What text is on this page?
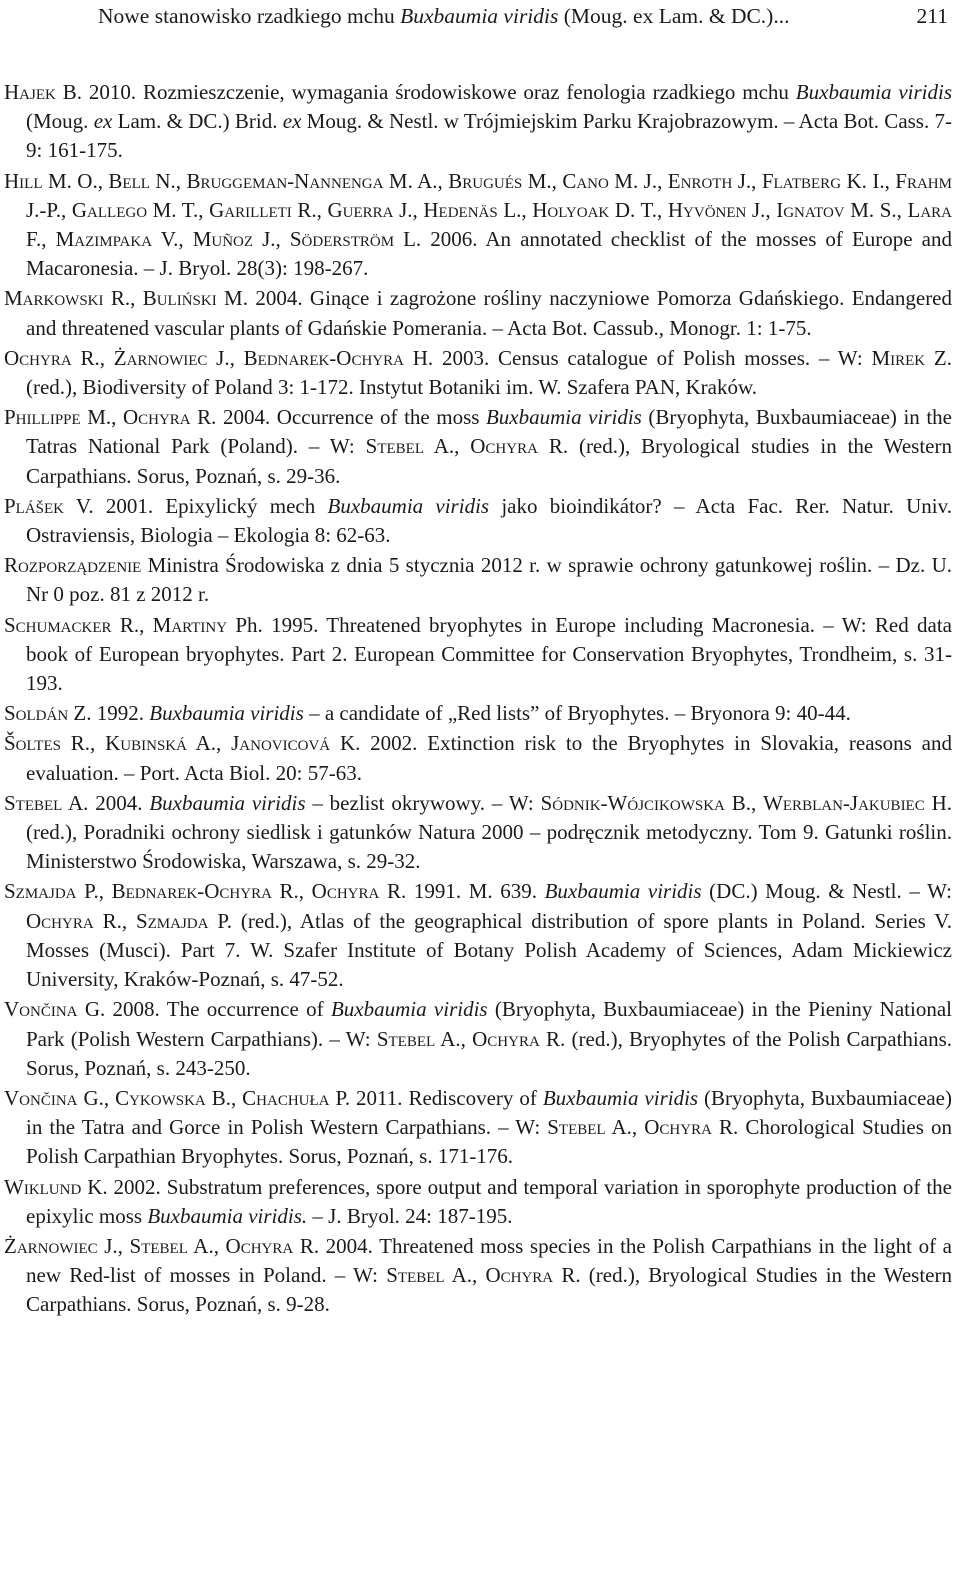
Nowe stanowisko rzadkiego mchu Buxbaumia viridis (Moug. ex Lam. & DC.)...	211

Hajek B. 2010. Rozmieszczenie, wymagania środowiskowe oraz fenologia rzadkiego mchu Buxbaumia viridis (Moug. ex Lam. & DC.) Brid. ex Moug. & Nestl. w Trójmiejskim Parku Krajobrazowym. – Acta Bot. Cass. 7-9: 161-175.

Hill M. O., Bell N., Bruggeman-Nannenga M. A., Brugués M., Cano M. J., Enroth J., Flatberg K. I., Frahm J.-P., Gallego M. T., Garilleti R., Guerra J., Hedenäs L., Holyoak D. T., Hyvönen J., Ignatov M. S., Lara F., Mazimpaka V., Muñoz J., Söderström L. 2006. An annotated checklist of the mosses of Europe and Macaronesia. – J. Bryol. 28(3): 198-267.

Markowski R., Buliński M. 2004. Ginące i zagrożone rośliny naczyniowe Pomorza Gdańskiego. Endangered and threatened vascular plants of Gdańskie Pomerania. – Acta Bot. Cassub., Monogr. 1: 1-75.

Ochyra R., Żarnowiec J., Bednarek-Ochyra H. 2003. Census catalogue of Polish mosses. – W: Mirek Z. (red.), Biodiversity of Poland 3: 1-172. Instytut Botaniki im. W. Szafera PAN, Kraków.

Phillippe M., Ochyra R. 2004. Occurrence of the moss Buxbaumia viridis (Bryophyta, Buxbaumiaceae) in the Tatras National Park (Poland). – W: Stebel A., Ochyra R. (red.), Bryological studies in the Western Carpathians. Sorus, Poznań, s. 29-36.

Plášek V. 2001. Epixylický mech Buxbaumia viridis jako bioindikátor? – Acta Fac. Rer. Natur. Univ. Ostraviensis, Biologia – Ekologia 8: 62-63.

Rozporządzenie Ministra Środowiska z dnia 5 stycznia 2012 r. w sprawie ochrony gatunkowej roślin. – Dz. U. Nr 0 poz. 81 z 2012 r.

Schumacker R., Martiny Ph. 1995. Threatened bryophytes in Europe including Macronesia. – W: Red data book of European bryophytes. Part 2. European Committee for Conservation Bryophytes, Trondheim, s. 31-193.

Soldán Z. 1992. Buxbaumia viridis – a candidate of „Red lists” of Bryophytes. – Bryonora 9: 40-44.

Šoltes R., Kubinská A., Janovicová K. 2002. Extinction risk to the Bryophytes in Slovakia, reasons and evaluation. – Port. Acta Biol. 20: 57-63.

Stebel A. 2004. Buxbaumia viridis – bezlist okrywowy. – W: Sódnik-Wójcikowska B., Werblan-Jakubiec H. (red.), Poradniki ochrony siedlisk i gatunków Natura 2000 – podręcznik metodyczny. Tom 9. Gatunki roślin. Ministerstwo Środowiska, Warszawa, s. 29-32.

Szmajda P., Bednarek-Ochyra R., Ochyra R. 1991. M. 639. Buxbaumia viridis (DC.) Moug. & Nestl. – W: Ochyra R., Szmajda P. (red.), Atlas of the geographical distribution of spore plants in Poland. Series V. Mosses (Musci). Part 7. W. Szafer Institute of Botany Polish Academy of Sciences, Adam Mickiewicz University, Kraków-Poznań, s. 47-52.

Vončina G. 2008. The occurrence of Buxbaumia viridis (Bryophyta, Buxbaumiaceae) in the Pieniny National Park (Polish Western Carpathians). – W: Stebel A., Ochyra R. (red.), Bryophytes of the Polish Carpathians. Sorus, Poznań, s. 243-250.

Vončina G., Cykowska B., Chachuła P. 2011. Rediscovery of Buxbaumia viridis (Bryophyta, Buxbaumiaceae) in the Tatra and Gorce in Polish Western Carpathians. – W: Stebel A., Ochyra R. Chorological Studies on Polish Carpathian Bryophytes. Sorus, Poznań, s. 171-176.

Wiklund K. 2002. Substratum preferences, spore output and temporal variation in sporophyte production of the epixylic moss Buxbaumia viridis. – J. Bryol. 24: 187-195.

Żarnowiec J., Stebel A., Ochyra R. 2004. Threatened moss species in the Polish Carpathians in the light of a new Red-list of mosses in Poland. – W: Stebel A., Ochyra R. (red.), Bryological Studies in the Western Carpathians. Sorus, Poznań, s. 9-28.
